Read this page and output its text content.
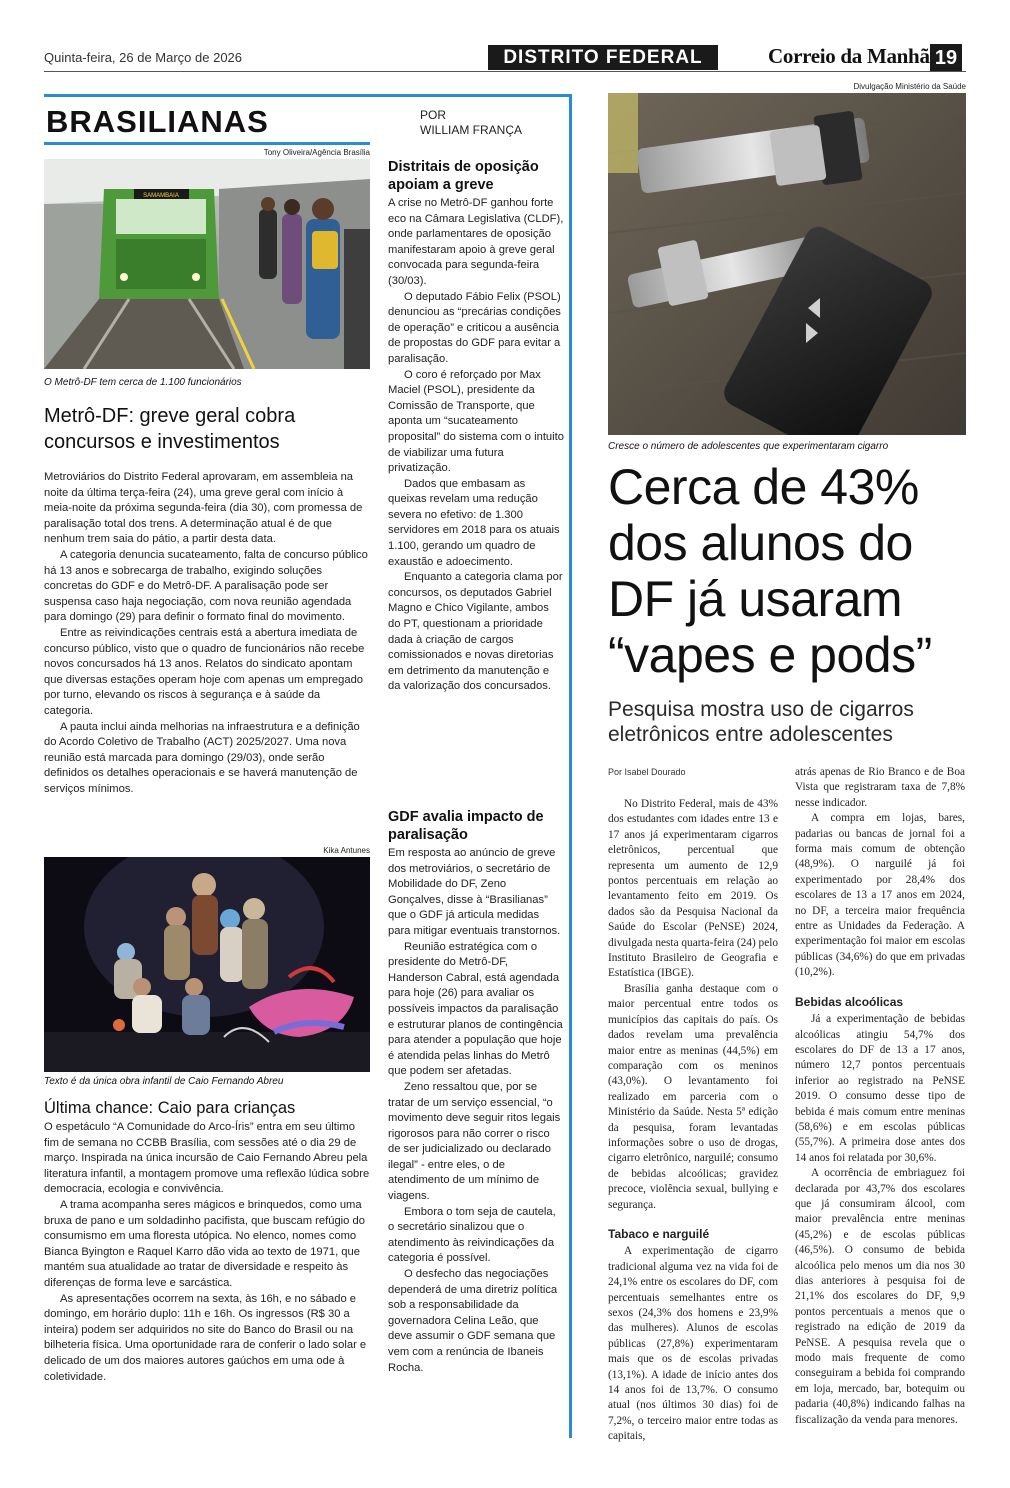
Quinta-feira, 26 de Março de 2026	DISTRITO FEDERAL	Correio da Manhã 19
BRASILIANAS	POR
WILLIAM FRANÇA
Tony Oliveira/Agência Brasília
SAMAMBAIA
O Metrô-DF tem cerca de 1.100 funcionários
Metrô-DF: greve geral cobra
concursos e investimentos

Metroviários do Distrito Federal aprovaram, em assembleia na noite da última terça-feira (24), uma greve geral com início à meia-noite da próxima segunda-feira (dia 30), com promessa de paralisação total dos trens. A determinação atual é de que nenhum trem saia do pátio, a partir desta data.

A categoria denuncia sucateamento, falta de concurso público há 13 anos e sobrecarga de trabalho, exigindo soluções concretas do GDF e do Metrô-DF. A paralisação pode ser suspensa caso haja negociação, com nova reunião agendada para domingo (29) para definir o formato final do movimento.

Entre as reivindicações centrais está a abertura imediata de concurso público, visto que o quadro de funcionários não recebe novos concursados há 13 anos. Relatos do sindicato apontam que diversas estações operam hoje com apenas um empregado por turno, elevando os riscos à segurança e à saúde da categoria.

A pauta inclui ainda melhorias na infraestrutura e a definição do Acordo Coletivo de Trabalho (ACT) 2025/2027. Uma nova reunião está marcada para domingo (29/03), onde serão definidos os detalhes operacionais e se haverá manutenção de serviços mínimos.

Kika Antunes
Texto é da única obra infantil de Caio Fernando Abreu
Última chance: Caio para crianças

O espetáculo “A Comunidade do Arco-Íris” entra em seu último fim de semana no CCBB Brasília, com sessões até o dia 29 de março. Inspirada na única incursão de Caio Fernando Abreu pela literatura infantil, a montagem promove uma reflexão lúdica sobre democracia, ecologia e convivência.

A trama acompanha seres mágicos e brinquedos, como uma bruxa de pano e um soldadinho pacifista, que buscam refúgio do consumismo em uma floresta utópica. No elenco, nomes como Bianca Byington e Raquel Karro dão vida ao texto de 1971, que mantém sua atualidade ao tratar de diversidade e respeito às diferenças de forma leve e sarcástica.

As apresentações ocorrem na sexta, às 16h, e no sábado e domingo, em horário duplo: 11h e 16h. Os ingressos (R$ 30 a inteira) podem ser adquiridos no site do Banco do Brasil ou na bilheteria física. Uma oportunidade rara de conferir o lado solar e delicado de um dos maiores autores gaúchos em uma ode à coletividade.

Distritais de oposição apoiam a greve

A crise no Metrô-DF ganhou forte eco na Câmara Legislativa (CLDF), onde parlamentares de oposição manifestaram apoio à greve geral convocada para segunda-feira (30/03).

O deputado Fábio Felix (PSOL) denunciou as “precárias condições de operação” e criticou a ausência de propostas do GDF para evitar a paralisação.

O coro é reforçado por Max Maciel (PSOL), presidente da Comissão de Transporte, que aponta um “sucateamento proposital” do sistema com o intuito de viabilizar uma futura privatização.

Dados que embasam as queixas revelam uma redução severa no efetivo: de 1.300 servidores em 2018 para os atuais 1.100, gerando um quadro de exaustão e adoecimento.

Enquanto a categoria clama por concursos, os deputados Gabriel Magno e Chico Vigilante, ambos do PT, questionam a prioridade dada à criação de cargos comissionados e novas diretorias em detrimento da manutenção e da valorização dos concursados.

GDF avalia impacto de paralisação

Em resposta ao anúncio de greve dos metroviários, o secretário de Mobilidade do DF, Zeno Gonçalves, disse à “Brasilianas” que o GDF já articula medidas para mitigar eventuais transtornos.

Reunião estratégica com o presidente do Metrô-DF, Handerson Cabral, está agendada para hoje (26) para avaliar os possíveis impactos da paralisação e estruturar planos de contingência para atender a população que hoje é atendida pelas linhas do Metrô que podem ser afetadas.

Zeno ressaltou que, por se tratar de um serviço essencial, “o movimento deve seguir ritos legais rigorosos para não correr o risco de ser judicializado ou declarado ilegal” - entre eles, o de atendimento de um mínimo de viagens.

Embora o tom seja de cautela, o secretário sinalizou que o atendimento às reivindicações da categoria é possível.

O desfecho das negociações dependerá de uma diretriz política sob a responsabilidade da governadora Celina Leão, que deve assumir o GDF semana que vem com a renúncia de Ibaneis Rocha.

Divulgação Ministério da Saúde
Cresce o número de adolescentes que experimentaram cigarro
Cerca de 43%
dos alunos do
DF já usaram
“vapes e pods”
Pesquisa mostra uso de cigarros
eletrônicos entre adolescentes
Por Isabel Dourado

No Distrito Federal, mais de 43% dos estudantes com idades entre 13 e 17 anos já experimentaram cigarros eletrônicos, percentual que representa um aumento de 12,9 pontos percentuais em relação ao levantamento feito em 2019. Os dados são da Pesquisa Nacional da Saúde do Escolar (PeNSE) 2024, divulgada nesta quarta-feira (24) pelo Instituto Brasileiro de Geografia e Estatística (IBGE).

Brasília ganha destaque com o maior percentual entre todos os municípios das capitais do país. Os dados revelam uma prevalência maior entre as meninas (44,5%) em comparação com os meninos (43,0%). O levantamento foi realizado em parceria com o Ministério da Saúde. Nesta 5ª edição da pesquisa, foram levantadas informações sobre o uso de drogas, cigarro eletrônico, narguilé; consumo de bebidas alcoólicas; gravidez precoce, violência sexual, bullying e segurança.

Tabaco e narguilé

A experimentação de cigarro tradicional alguma vez na vida foi de 24,1% entre os escolares do DF, com percentuais semelhantes entre os sexos (24,3% dos homens e 23,9% das mulheres). Alunos de escolas públicas (27,8%) experimentaram mais que os de escolas privadas (13,1%). A idade de início antes dos 14 anos foi de 13,7%. O consumo atual (nos últimos 30 dias) foi de 7,2%, o terceiro maior entre todas as capitais,

atrás apenas de Rio Branco e de Boa Vista que registraram taxa de 7,8% nesse indicador.

A compra em lojas, bares, padarias ou bancas de jornal foi a forma mais comum de obtenção (48,9%). O narguilé já foi experimentado por 28,4% dos escolares de 13 a 17 anos em 2024, no DF, a terceira maior frequência entre as Unidades da Federação. A experimentação foi maior em escolas públicas (34,6%) do que em privadas (10,2%).

Bebidas alcoólicas

Já a experimentação de bebidas alcoólicas atingiu 54,7% dos escolares do DF de 13 a 17 anos, número 12,7 pontos percentuais inferior ao registrado na PeNSE 2019. O consumo desse tipo de bebida é mais comum entre meninas (58,6%) e em escolas públicas (55,7%). A primeira dose antes dos 14 anos foi relatada por 30,6%.

A ocorrência de embriaguez foi declarada por 43,7% dos escolares que já consumiram álcool, com maior prevalência entre meninas (45,2%) e de escolas públicas (46,5%). O consumo de bebida alcoólica pelo menos um dia nos 30 dias anteriores à pesquisa foi de 21,1% dos escolares do DF, 9,9 pontos percentuais a menos que o registrado na edição de 2019 da PeNSE. A pesquisa revela que o modo mais frequente de como conseguiram a bebida foi comprando em loja, mercado, bar, botequim ou padaria (40,8%) indicando falhas na fiscalização da venda para menores.
